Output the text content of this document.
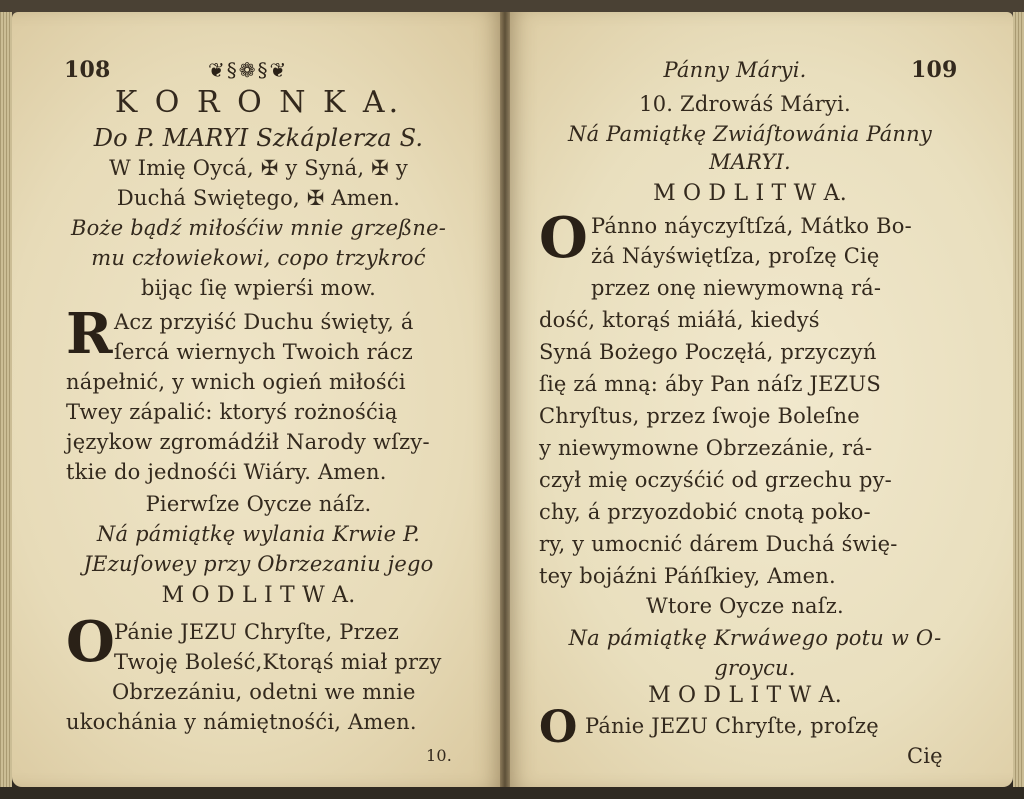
108	❦§❁§❦
K O R O N K A.
Do P. MARYI Szkáplerza S.
W Imię Oycá, ✠ y Syná, ✠ y
Duchá Swiętego, ✠ Amen.
Boże bądź miłośćiw mnie grzeßne-
mu człowiekowi, copo trzykroć
bijąc ſię wpierśi mow.
R Acz przyiść Duchu święty, á
ſercá wiernych Twoich rácz
nápełnić, y wnich ogień miłośći
Twey zápalić: ktoryś rożnośćią
językow zgromádźił Narody wſzy-
tkie do jednośći Wiáry. Amen.
Pierwſze Oycze náſz.
Ná pámiątkę wylania Krwie P.
JEzuſowey przy Obrzezaniu jego
M O D L I T W A.
O Pánie JEZU Chryſte, Przez
Twoję Boleść,Ktorąś miał przy
Obrzezániu, odetni we mnie
ukochánia y námiętnośći, Amen.
10.
Pánny Máryi.	109
10. Zdrowáś Máryi.
Ná Pamiątkę Zwiáſtowánia Pánny
MARYI.
M O D L I T W A.
O Pánno náyczyſtſzá, Mátko Bo-
żá Náyświętſza, proſzę Cię
przez onę niewymowną rá-
dość, ktorąś miáłá, kiedyś
Syná Bożego Poczęłá, przyczyń
ſię zá mną: áby Pan náſz JEZUS
Chryſtus, przez ſwoje Boleſne
y niewymowne Obrzezánie, rá-
czył mię oczyśćić od grzechu py-
chy, á przyozdobić cnotą poko-
ry, y umocnić dárem Duchá świę-
tey bojáźni Páńſkiey, Amen.
Wtore Oycze naſz.
Na pámiątkę Krwáwego potu w O-
groycu.
M O D L I T W A.
O Pánie JEZU Chryſte, proſzę
Cię
